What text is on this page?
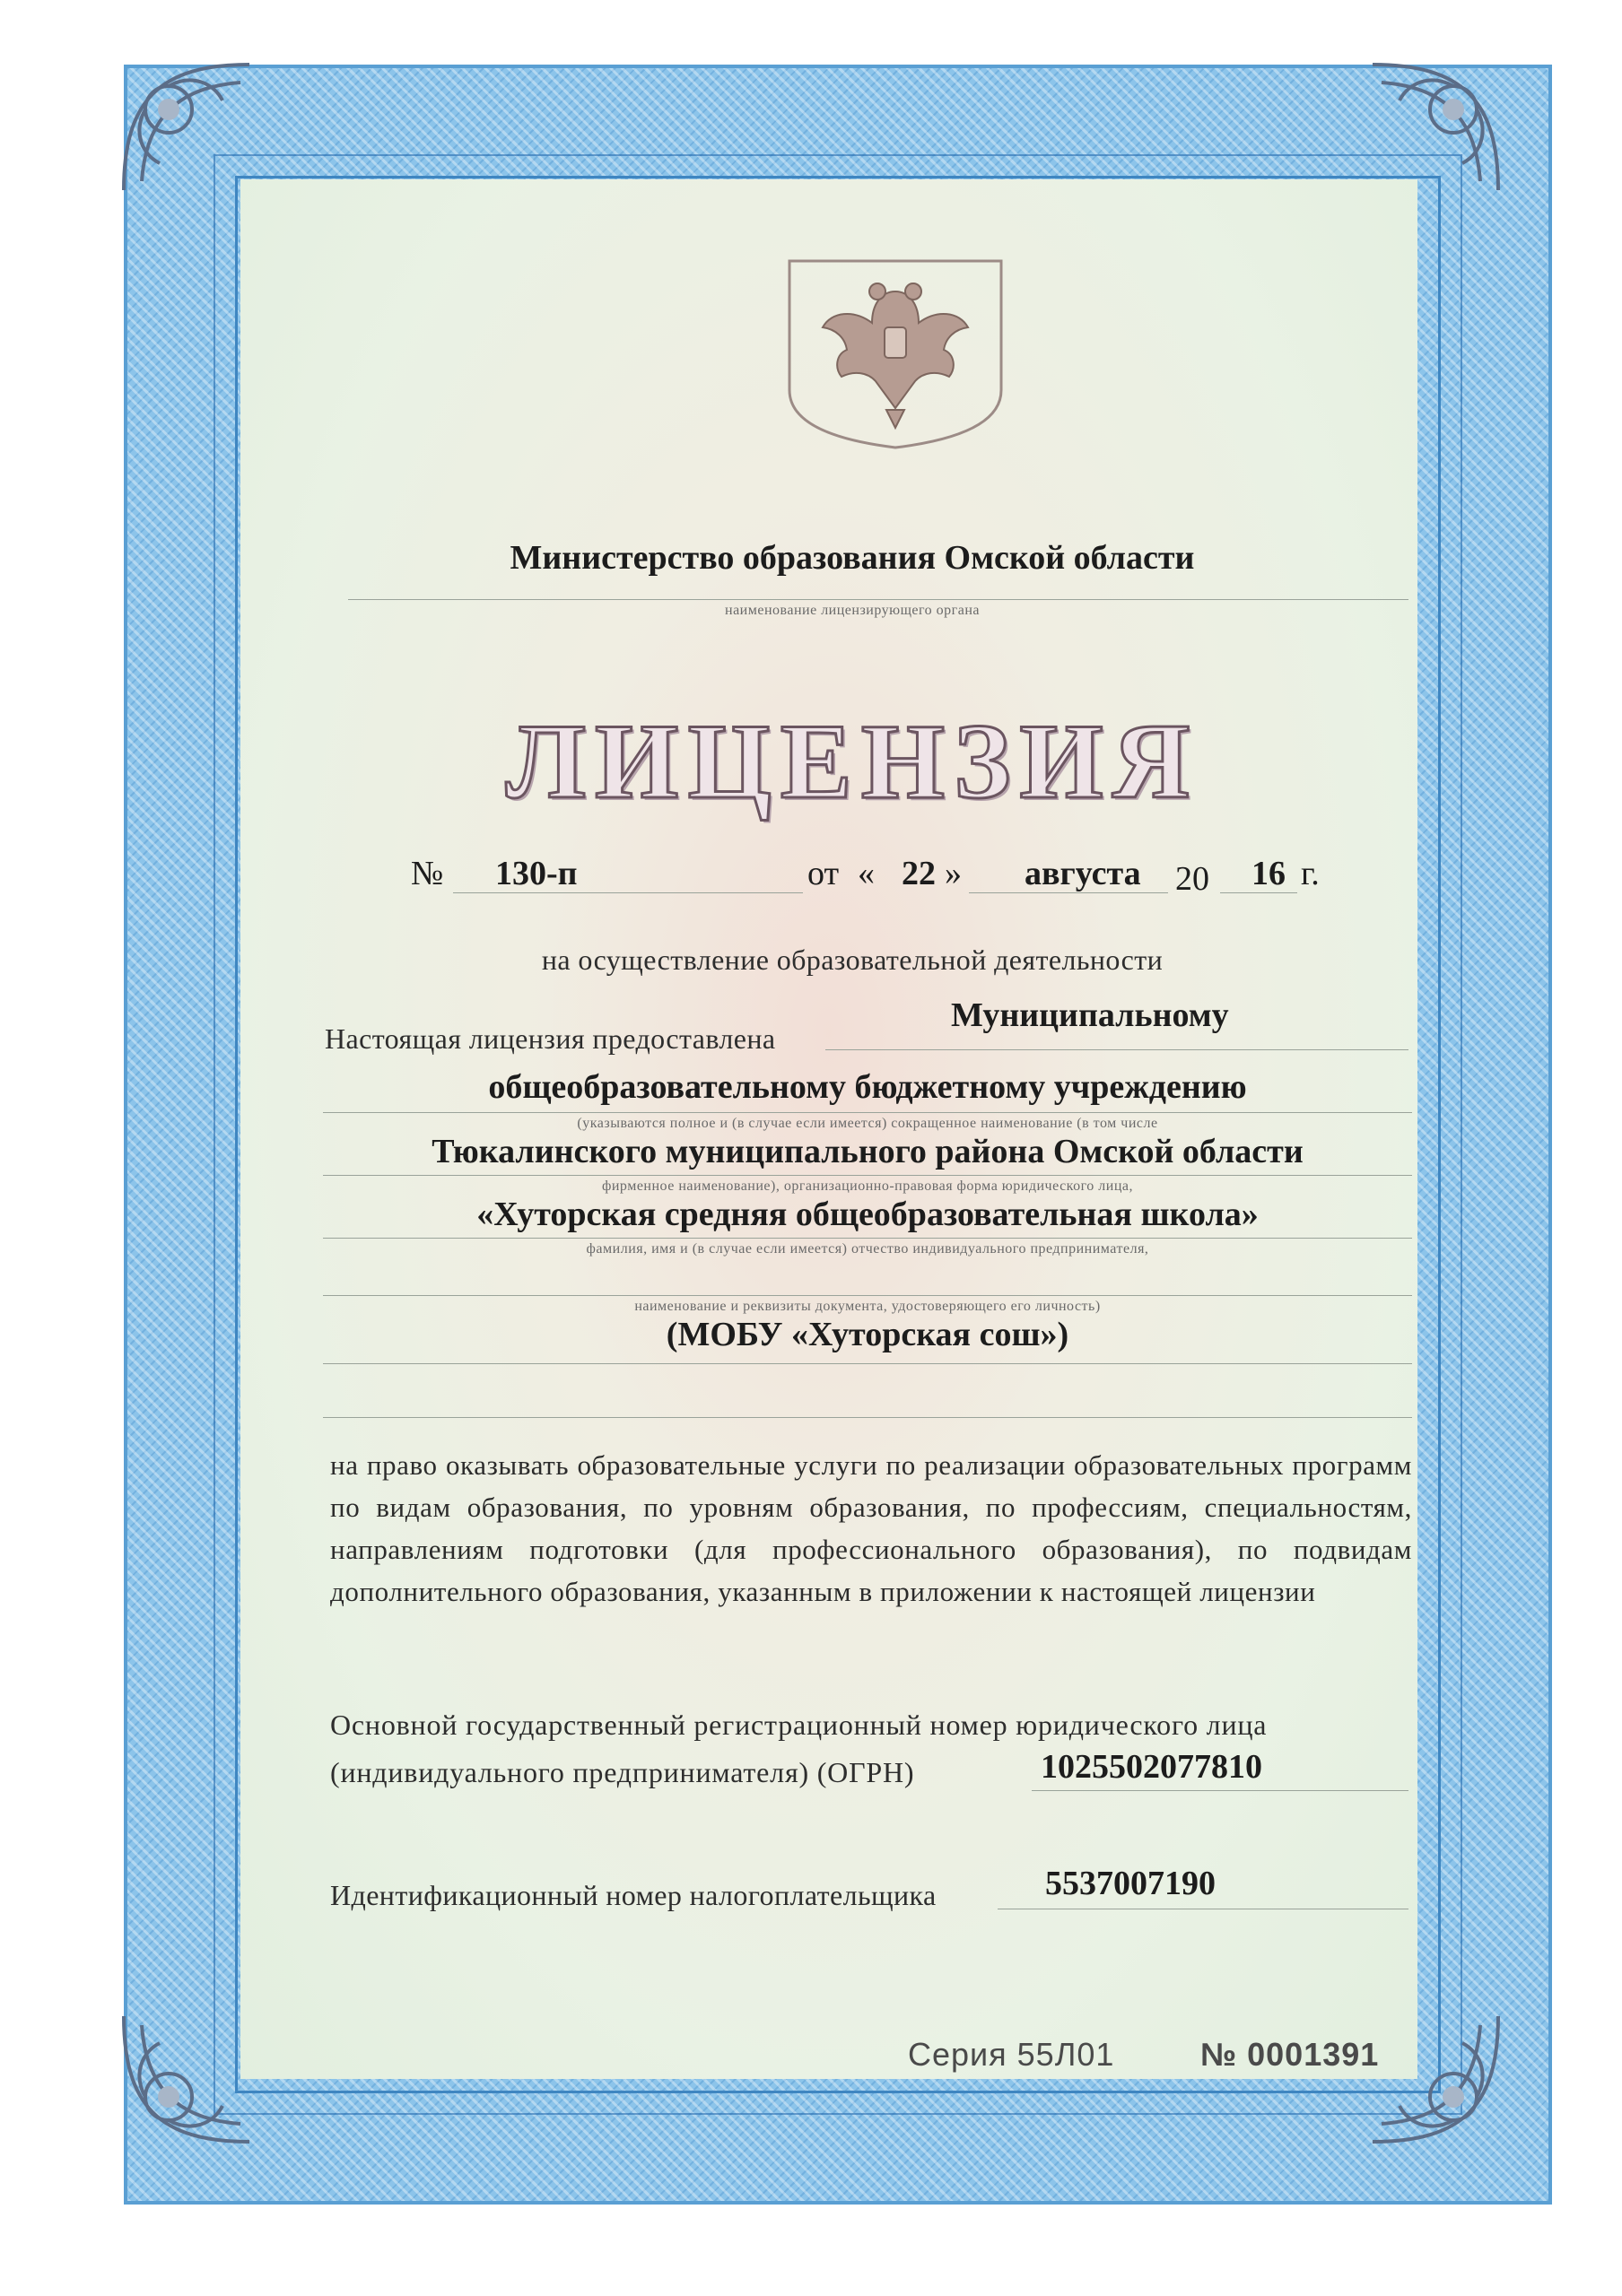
Министерство образования Омской области
наименование лицензирующего органа
ЛИЦЕНЗИЯ
№ 130-п	от « 22 » августа 20 16 г.
на осуществление образовательной деятельности
Настоящая лицензия предоставлена
Муниципальному
общеобразовательному бюджетному учреждению
(указываются полное и (в случае если имеется) сокращенное наименование (в том числе
Тюкалинского муниципального района Омской области
фирменное наименование), организационно-правовая форма юридического лица,
«Хуторская средняя общеобразовательная школа»
фамилия, имя и (в случае если имеется) отчество индивидуального предпринимателя,
наименование и реквизиты документа, удостоверяющего его личность)
(МОБУ «Хуторская сош»)
на право оказывать образовательные услуги по реализации образовательных программ по видам образования, по уровням образования, по профессиям, специальностям, направлениям подготовки (для профессионального образования), по подвидам дополнительного образования, указанным в приложении к настоящей лицензии
Основной государственный регистрационный номер юридического лица
(индивидуального предпринимателя) (ОГРН)	1025502077810
Идентификационный номер налогоплательщика	5537007190
Серия 55Л01	№ 0001391
